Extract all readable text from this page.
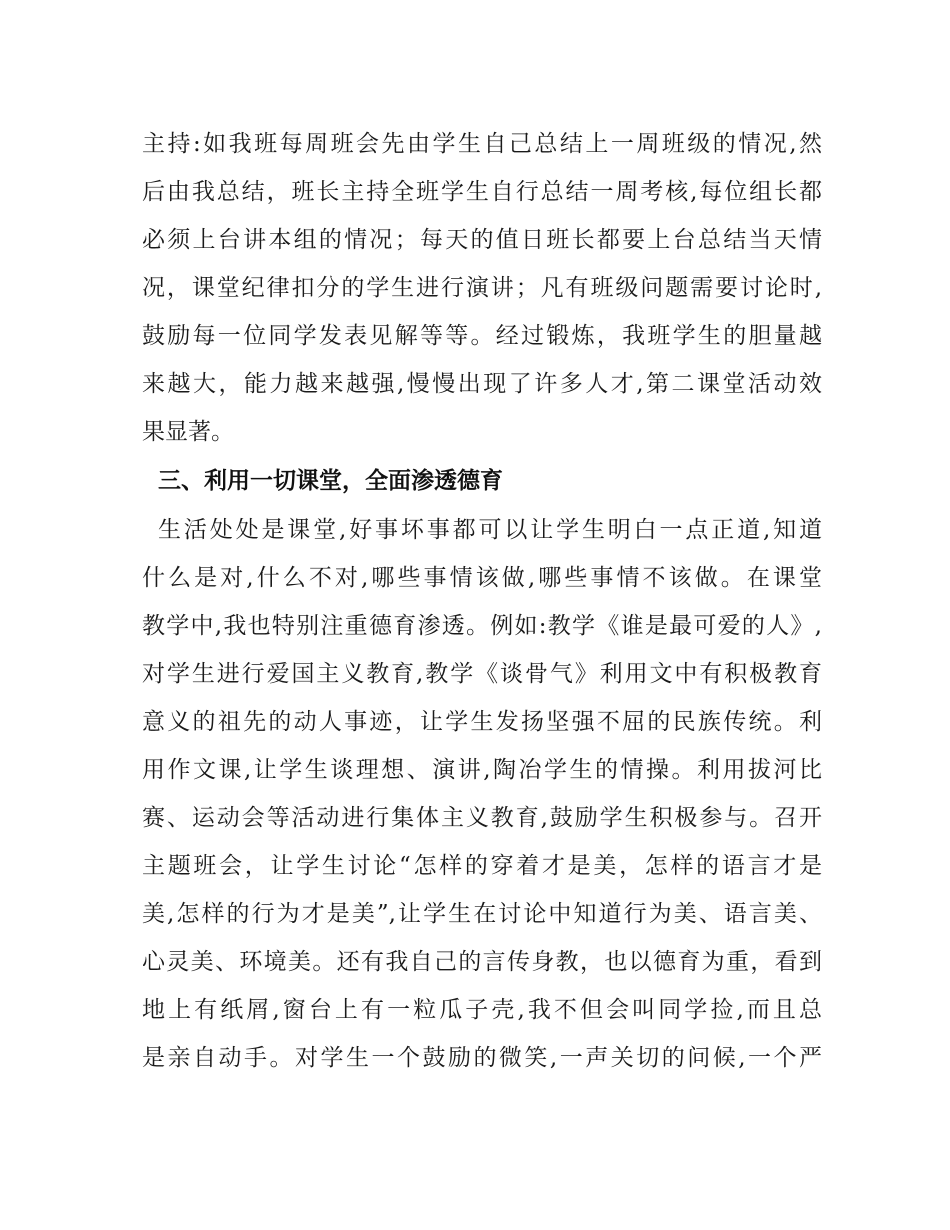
主持:如我班每周班会先由学生自己总结上一周班级的情况,然
后由我总结，班长主持全班学生自行总结一周考核,每位组长都
必须上台讲本组的情况；每天的值日班长都要上台总结当天情
况，课堂纪律扣分的学生进行演讲；凡有班级问题需要讨论时,
鼓励每一位同学发表见解等等。经过锻炼，我班学生的胆量越
来越大，能力越来越强,慢慢出现了许多人才,第二课堂活动效
果显著。
三、利用一切课堂，全面渗透德育
生活处处是课堂,好事坏事都可以让学生明白一点正道,知道
什么是对,什么不对,哪些事情该做,哪些事情不该做。在课堂
教学中,我也特别注重德育渗透。例如:教学《谁是最可爱的人》,
对学生进行爱国主义教育,教学《谈骨气》利用文中有积极教育
意义的祖先的动人事迹，让学生发扬坚强不屈的民族传统。利
用作文课,让学生谈理想、演讲,陶冶学生的情操。利用拔河比
赛、运动会等活动进行集体主义教育,鼓励学生积极参与。召开
主题班会，让学生讨论“怎样的穿着才是美，怎样的语言才是
美,怎样的行为才是美”,让学生在讨论中知道行为美、语言美、
心灵美、环境美。还有我自己的言传身教，也以德育为重，看到
地上有纸屑,窗台上有一粒瓜子壳,我不但会叫同学捡,而且总
是亲自动手。对学生一个鼓励的微笑,一声关切的问候,一个严
